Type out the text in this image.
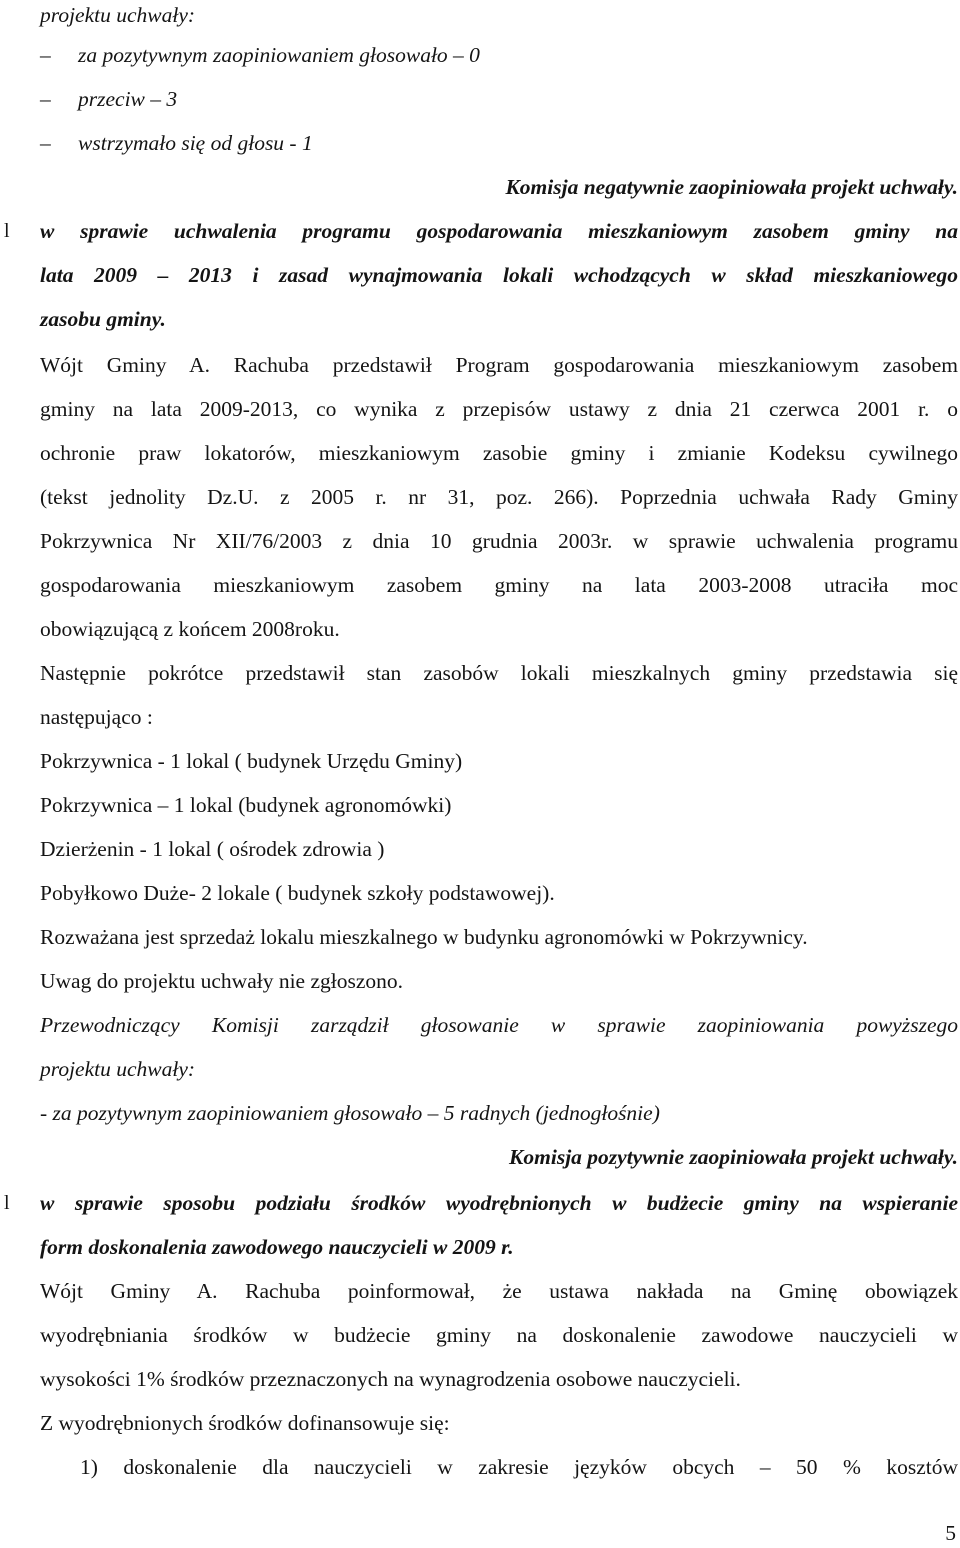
projektu uchwały:
– za pozytywnym zaopiniowaniem głosowało – 0
– przeciw – 3
– wstrzymało się od głosu - 1
Komisja negatywnie zaopiniowała projekt uchwały.
l w sprawie uchwalenia programu gospodarowania mieszkaniowym zasobem gminy na
lata 2009 – 2013 i zasad wynajmowania lokali wchodzących w skład mieszkaniowego
zasobu gminy.
Wójt Gminy A. Rachuba przedstawił Program gospodarowania mieszkaniowym zasobem
gminy na lata 2009-2013, co wynika z przepisów ustawy z dnia 21 czerwca 2001 r. o
ochronie praw lokatorów, mieszkaniowym zasobie gminy i zmianie Kodeksu cywilnego
(tekst jednolity Dz.U. z 2005 r. nr 31, poz. 266). Poprzednia uchwała Rady Gminy
Pokrzywnica Nr XII/76/2003 z dnia 10 grudnia 2003r. w sprawie uchwalenia programu
gospodarowania mieszkaniowym zasobem gminy na lata 2003-2008 utraciła moc
obowiązującą z końcem 2008roku.
Następnie pokrótce przedstawił stan zasobów lokali mieszkalnych gminy przedstawia się
następująco :
Pokrzywnica - 1 lokal ( budynek Urzędu Gminy)
Pokrzywnica – 1 lokal (budynek agronomówki)
Dzierżenin - 1 lokal ( ośrodek zdrowia )
Pobyłkowo Duże- 2 lokale ( budynek szkoły podstawowej).
Rozważana jest sprzedaż lokalu mieszkalnego w budynku agronomówki w Pokrzywnicy.
Uwag do projektu uchwały nie zgłoszono.
Przewodniczący Komisji zarządził głosowanie w sprawie zaopiniowania powyższego
projektu uchwały:
- za pozytywnym zaopiniowaniem głosowało – 5 radnych (jednogłośnie)
Komisja pozytywnie zaopiniowała projekt uchwały.
l w sprawie sposobu podziału środków wyodrębnionych w budżecie gminy na wspieranie
form doskonalenia zawodowego nauczycieli w 2009 r.
Wójt Gminy A. Rachuba poinformował, że ustawa nakłada na Gminę obowiązek
wyodrębniania środków w budżecie gminy na doskonalenie zawodowe nauczycieli w
wysokości 1% środków przeznaczonych na wynagrodzenia osobowe nauczycieli.
Z wyodrębnionych środków dofinansowuje się:
1) doskonalenie dla nauczycieli w zakresie języków obcych – 50 % kosztów
5
